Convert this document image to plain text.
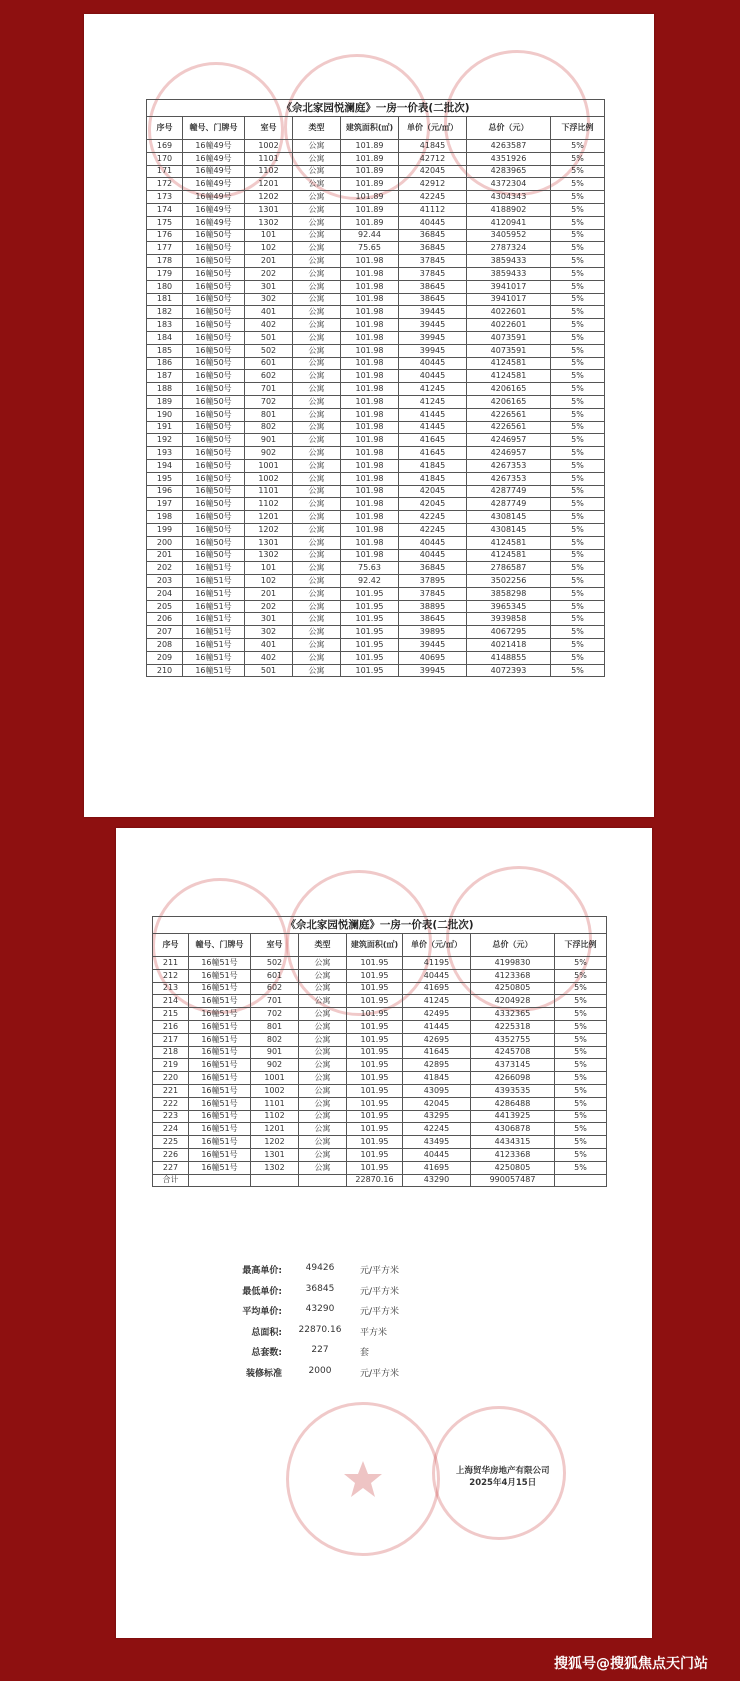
《佘北家园悦澜庭》一房一价表(二批次)
序号	幢号、门牌号	室号	类型	建筑面积(㎡)	单价（元/㎡）	总价（元）	下浮比例
169	16幢49号	1002	公寓	101.89	41845	4263587	5%
170	16幢49号	1101	公寓	101.89	42712	4351926	5%
171	16幢49号	1102	公寓	101.89	42045	4283965	5%
172	16幢49号	1201	公寓	101.89	42912	4372304	5%
173	16幢49号	1202	公寓	101.89	42245	4304343	5%
174	16幢49号	1301	公寓	101.89	41112	4188902	5%
175	16幢49号	1302	公寓	101.89	40445	4120941	5%
176	16幢50号	101	公寓	92.44	36845	3405952	5%
177	16幢50号	102	公寓	75.65	36845	2787324	5%
178	16幢50号	201	公寓	101.98	37845	3859433	5%
179	16幢50号	202	公寓	101.98	37845	3859433	5%
180	16幢50号	301	公寓	101.98	38645	3941017	5%
181	16幢50号	302	公寓	101.98	38645	3941017	5%
182	16幢50号	401	公寓	101.98	39445	4022601	5%
183	16幢50号	402	公寓	101.98	39445	4022601	5%
184	16幢50号	501	公寓	101.98	39945	4073591	5%
185	16幢50号	502	公寓	101.98	39945	4073591	5%
186	16幢50号	601	公寓	101.98	40445	4124581	5%
187	16幢50号	602	公寓	101.98	40445	4124581	5%
188	16幢50号	701	公寓	101.98	41245	4206165	5%
189	16幢50号	702	公寓	101.98	41245	4206165	5%
190	16幢50号	801	公寓	101.98	41445	4226561	5%
191	16幢50号	802	公寓	101.98	41445	4226561	5%
192	16幢50号	901	公寓	101.98	41645	4246957	5%
193	16幢50号	902	公寓	101.98	41645	4246957	5%
194	16幢50号	1001	公寓	101.98	41845	4267353	5%
195	16幢50号	1002	公寓	101.98	41845	4267353	5%
196	16幢50号	1101	公寓	101.98	42045	4287749	5%
197	16幢50号	1102	公寓	101.98	42045	4287749	5%
198	16幢50号	1201	公寓	101.98	42245	4308145	5%
199	16幢50号	1202	公寓	101.98	42245	4308145	5%
200	16幢50号	1301	公寓	101.98	40445	4124581	5%
201	16幢50号	1302	公寓	101.98	40445	4124581	5%
202	16幢51号	101	公寓	75.63	36845	2786587	5%
203	16幢51号	102	公寓	92.42	37895	3502256	5%
204	16幢51号	201	公寓	101.95	37845	3858298	5%
205	16幢51号	202	公寓	101.95	38895	3965345	5%
206	16幢51号	301	公寓	101.95	38645	3939858	5%
207	16幢51号	302	公寓	101.95	39895	4067295	5%
208	16幢51号	401	公寓	101.95	39445	4021418	5%
209	16幢51号	402	公寓	101.95	40695	4148855	5%
210	16幢51号	501	公寓	101.95	39945	4072393	5%
《佘北家园悦澜庭》一房一价表(二批次)
序号	幢号、门牌号	室号	类型	建筑面积(㎡)	单价（元/㎡）	总价（元）	下浮比例
211	16幢51号	502	公寓	101.95	41195	4199830	5%
212	16幢51号	601	公寓	101.95	40445	4123368	5%
213	16幢51号	602	公寓	101.95	41695	4250805	5%
214	16幢51号	701	公寓	101.95	41245	4204928	5%
215	16幢51号	702	公寓	101.95	42495	4332365	5%
216	16幢51号	801	公寓	101.95	41445	4225318	5%
217	16幢51号	802	公寓	101.95	42695	4352755	5%
218	16幢51号	901	公寓	101.95	41645	4245708	5%
219	16幢51号	902	公寓	101.95	42895	4373145	5%
220	16幢51号	1001	公寓	101.95	41845	4266098	5%
221	16幢51号	1002	公寓	101.95	43095	4393535	5%
222	16幢51号	1101	公寓	101.95	42045	4286488	5%
223	16幢51号	1102	公寓	101.95	43295	4413925	5%
224	16幢51号	1201	公寓	101.95	42245	4306878	5%
225	16幢51号	1202	公寓	101.95	43495	4434315	5%
226	16幢51号	1301	公寓	101.95	40445	4123368	5%
227	16幢51号	1302	公寓	101.95	41695	4250805	5%
合计				22870.16	43290	990057487	
最高单价:	49426	元/平方米
最低单价:	36845	元/平方米
平均单价:	43290	元/平方米
总面积:	22870.16	平方米
总套数:	227	套
装修标准	2000	元/平方米
上海贸华房地产有限公司
2025年4月15日
搜狐号@搜狐焦点天门站
